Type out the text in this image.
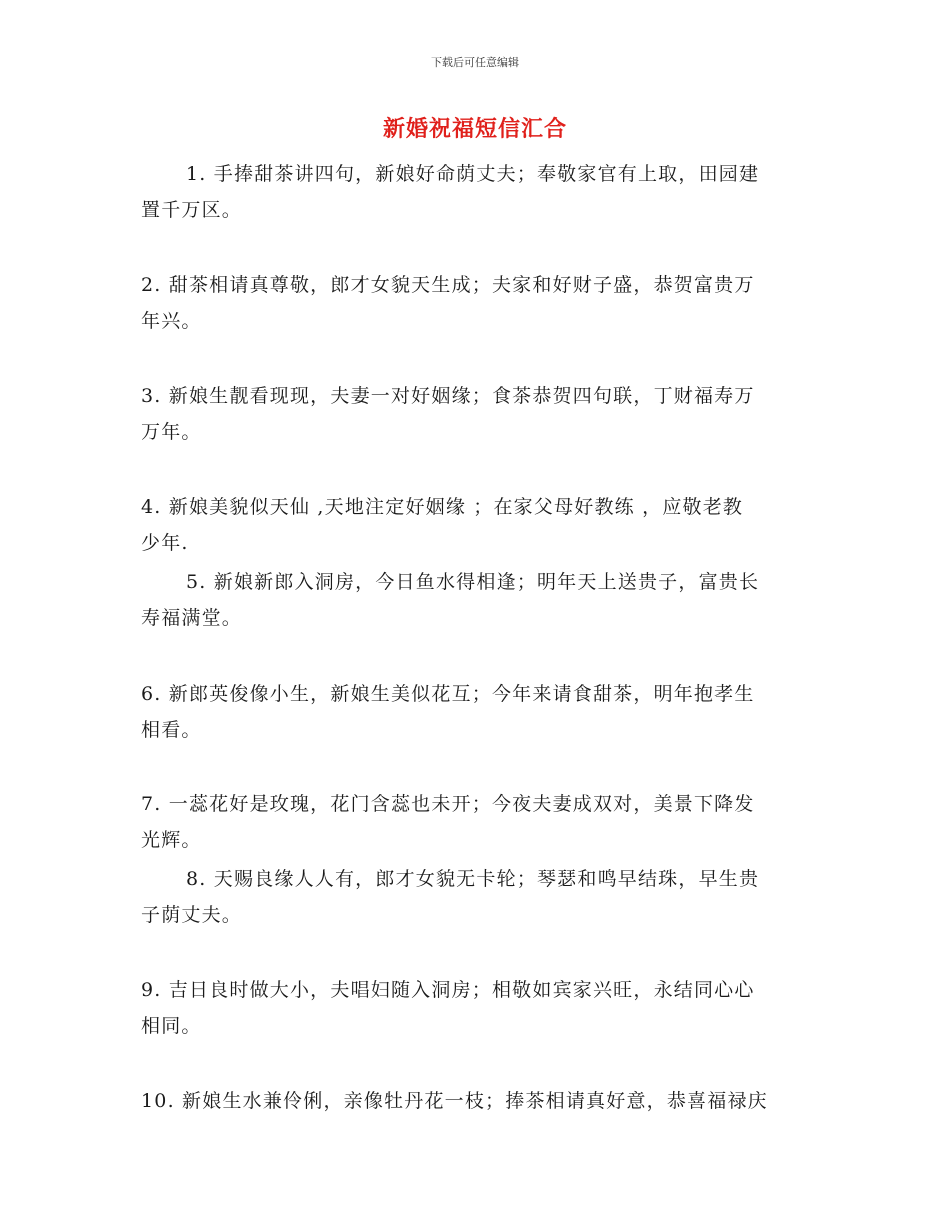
下载后可任意编辑
新婚祝福短信汇合
1. 手捧甜茶讲四句，新娘好命荫丈夫；奉敬家官有上取，田园建
置千万区。
2. 甜茶相请真尊敬，郎才女貌天生成；夫家和好财子盛，恭贺富贵万
年兴。
3. 新娘生靓看现现，夫妻一对好姻缘；食茶恭贺四句联，丁财福寿万
万年。
4. 新娘美貌似天仙 ,天地注定好姻缘 ；在家父母好教练 ，应敬老教
少年.
5. 新娘新郎入洞房，今日鱼水得相逢；明年天上送贵子，富贵长
寿福满堂。
6. 新郎英俊像小生，新娘生美似花互；今年来请食甜茶，明年抱孝生
相看。
7. 一蕊花好是玫瑰，花门含蕊也未开；今夜夫妻成双对，美景下降发
光辉。
8. 天赐良缘人人有，郎才女貌无卡轮；琴瑟和鸣早结珠，早生贵
子荫丈夫。
9. 吉日良时做大小，夫唱妇随入洞房；相敬如宾家兴旺，永结同心心
相同。
10. 新娘生水兼伶俐，亲像牡丹花一枝；捧茶相请真好意，恭喜福禄庆
